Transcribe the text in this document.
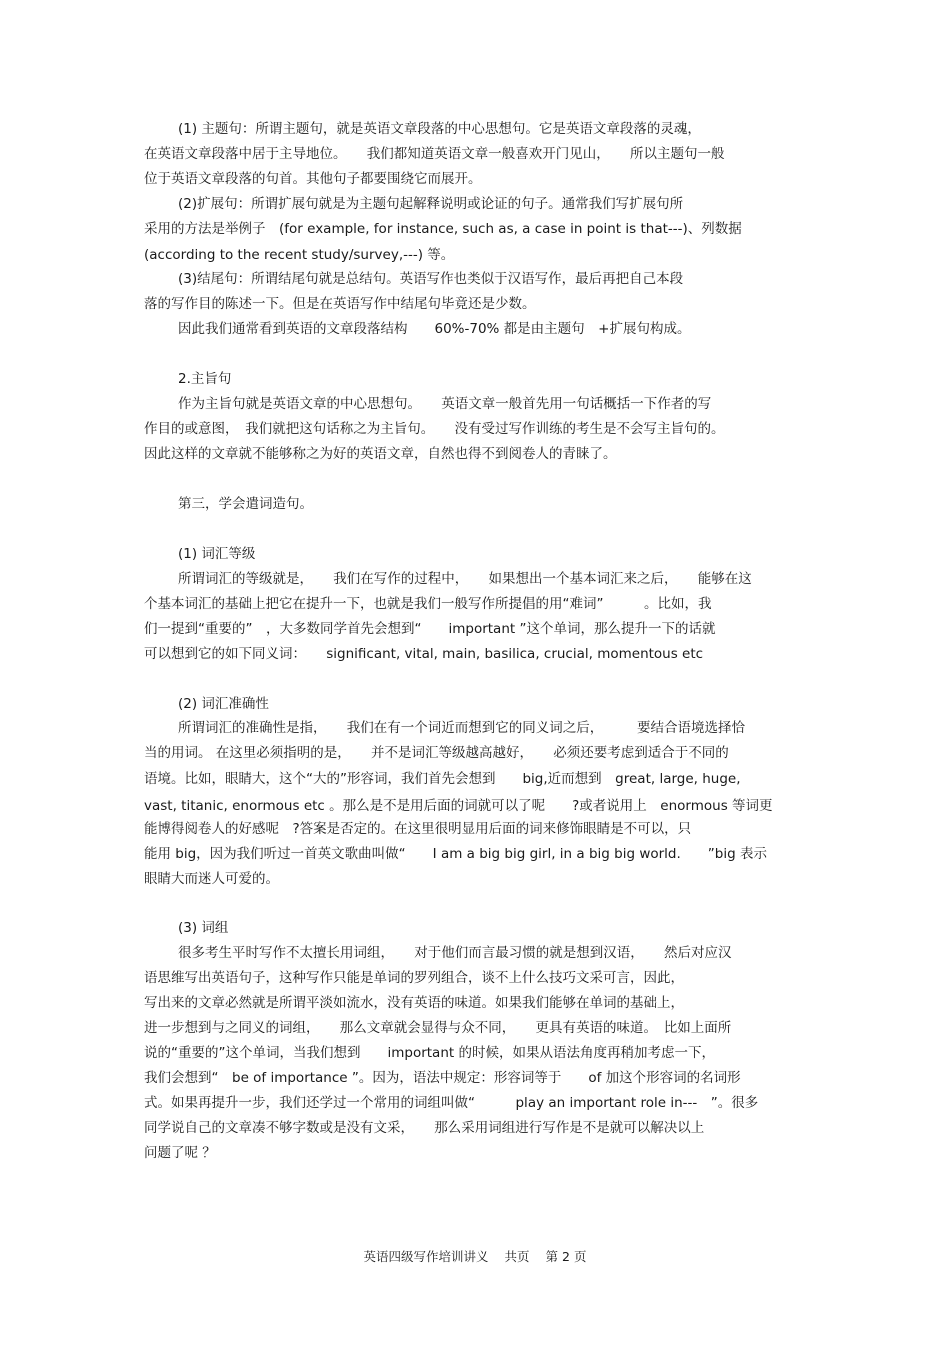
(1) 主题句：所谓主题句，就是英语文章段落的中心思想句。它是英语文章段落的灵魂，
在英语文章段落中居于主导地位。　　我们都知道英语文章一般喜欢开门见山，　　所以主题句一般
位于英语文章段落的句首。其他句子都要围绕它而展开。
(2)扩展句：所谓扩展句就是为主题句起解释说明或论证的句子。通常我们写扩展句所
采用的方法是举例子　(for example, for instance, such as, a case in point is that---)、列数据
(according to the recent study/survey,---) 等。
(3)结尾句：所谓结尾句就是总结句。英语写作也类似于汉语写作，最后再把自己本段
落的写作目的陈述一下。但是在英语写作中结尾句毕竟还是少数。
因此我们通常看到英语的文章段落结构　　60%-70% 都是由主题句　+扩展句构成。
2.主旨句
作为主旨句就是英语文章的中心思想句。　　英语文章一般首先用一句话概括一下作者的写
作目的或意图，　我们就把这句话称之为主旨句。　　没有受过写作训练的考生是不会写主旨句的。
因此这样的文章就不能够称之为好的英语文章，自然也得不到阅卷人的青睐了。
第三，学会遣词造句。
(1) 词汇等级
所谓词汇的等级就是，　　我们在写作的过程中，　　如果想出一个基本词汇来之后，　　能够在这
个基本词汇的基础上把它在提升一下，也就是我们一般写作所提倡的用“难词”　　　。比如，我
们一提到“重要的”　，大多数同学首先会想到“　　important ”这个单词，那么提升一下的话就
可以想到它的如下同义词：　　significant, vital, main, basilica, crucial, momentous etc
(2) 词汇准确性
所谓词汇的准确性是指，　　我们在有一个词近而想到它的同义词之后，　　　要结合语境选择恰
当的用词。 在这里必须指明的是，　　并不是词汇等级越高越好，　　必须还要考虑到适合于不同的
语境。比如，眼睛大，这个“大的”形容词，我们首先会想到　　big,近而想到　great, large, huge,
vast, titanic, enormous etc 。那么是不是用后面的词就可以了呢　　?或者说用上　enormous 等词更
能博得阅卷人的好感呢　?答案是否定的。在这里很明显用后面的词来修饰眼睛是不可以，只
能用 big，因为我们听过一首英文歌曲叫做“　　I am a big big girl, in a big big world.　　”big 表示
眼睛大而迷人可爱的。
(3) 词组
很多考生平时写作不太擅长用词组，　　对于他们而言最习惯的就是想到汉语，　　然后对应汉
语思维写出英语句子，这种写作只能是单词的罗列组合，谈不上什么技巧文采可言，因此，
写出来的文章必然就是所谓平淡如流水，没有英语的味道。如果我们能够在单词的基础上，
进一步想到与之同义的词组，　　那么文章就会显得与众不同，　　更具有英语的味道。　比如上面所
说的“重要的”这个单词，当我们想到　　important 的时候，如果从语法角度再稍加考虑一下，
我们会想到“　be of importance ”。因为，语法中规定：形容词等于　　of 加这个形容词的名词形
式。如果再提升一步，我们还学过一个常用的词组叫做“　　　play an important role in---　”。很多
同学说自己的文章凑不够字数或是没有文采，　　那么采用词组进行写作是不是就可以解决以上
问题了呢 ？
英语四级写作培训讲义 共页 第 2 页
